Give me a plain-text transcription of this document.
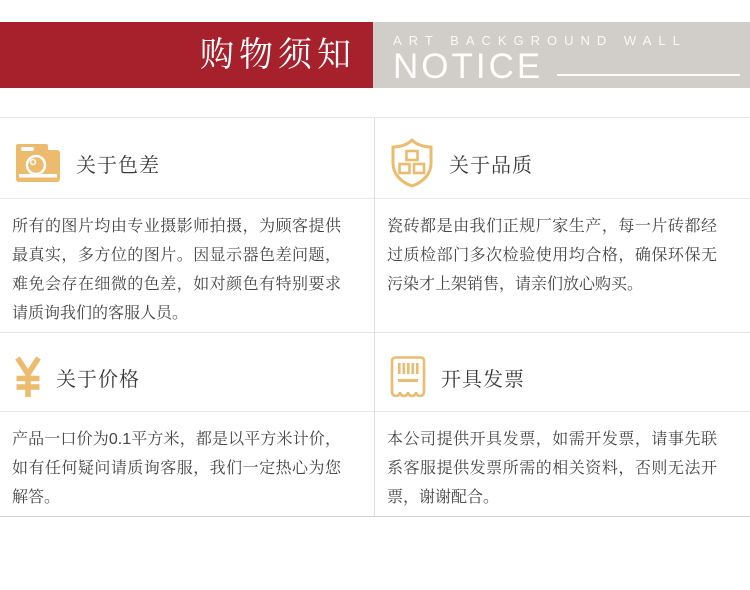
购物须知	ART BACKGROUND WALL
NOTICE
关于色差	关于品质

所有的图片均由专业摄影师拍摄，为顾客提供最真实，多方位的图片。因显示器色差问题，难免会存在细微的色差，如对颜色有特别要求请质询我们的客服人员。

瓷砖都是由我们正规厂家生产，每一片砖都经过质检部门多次检验使用均合格，确保环保无污染才上架销售，请亲们放心购买。

关于价格	开具发票

产品一口价为0.1平方米，都是以平方米计价，如有任何疑问请质询客服，我们一定热心为您解答。

本公司提供开具发票，如需开发票，请事先联系客服提供发票所需的相关资料，否则无法开票，谢谢配合。
